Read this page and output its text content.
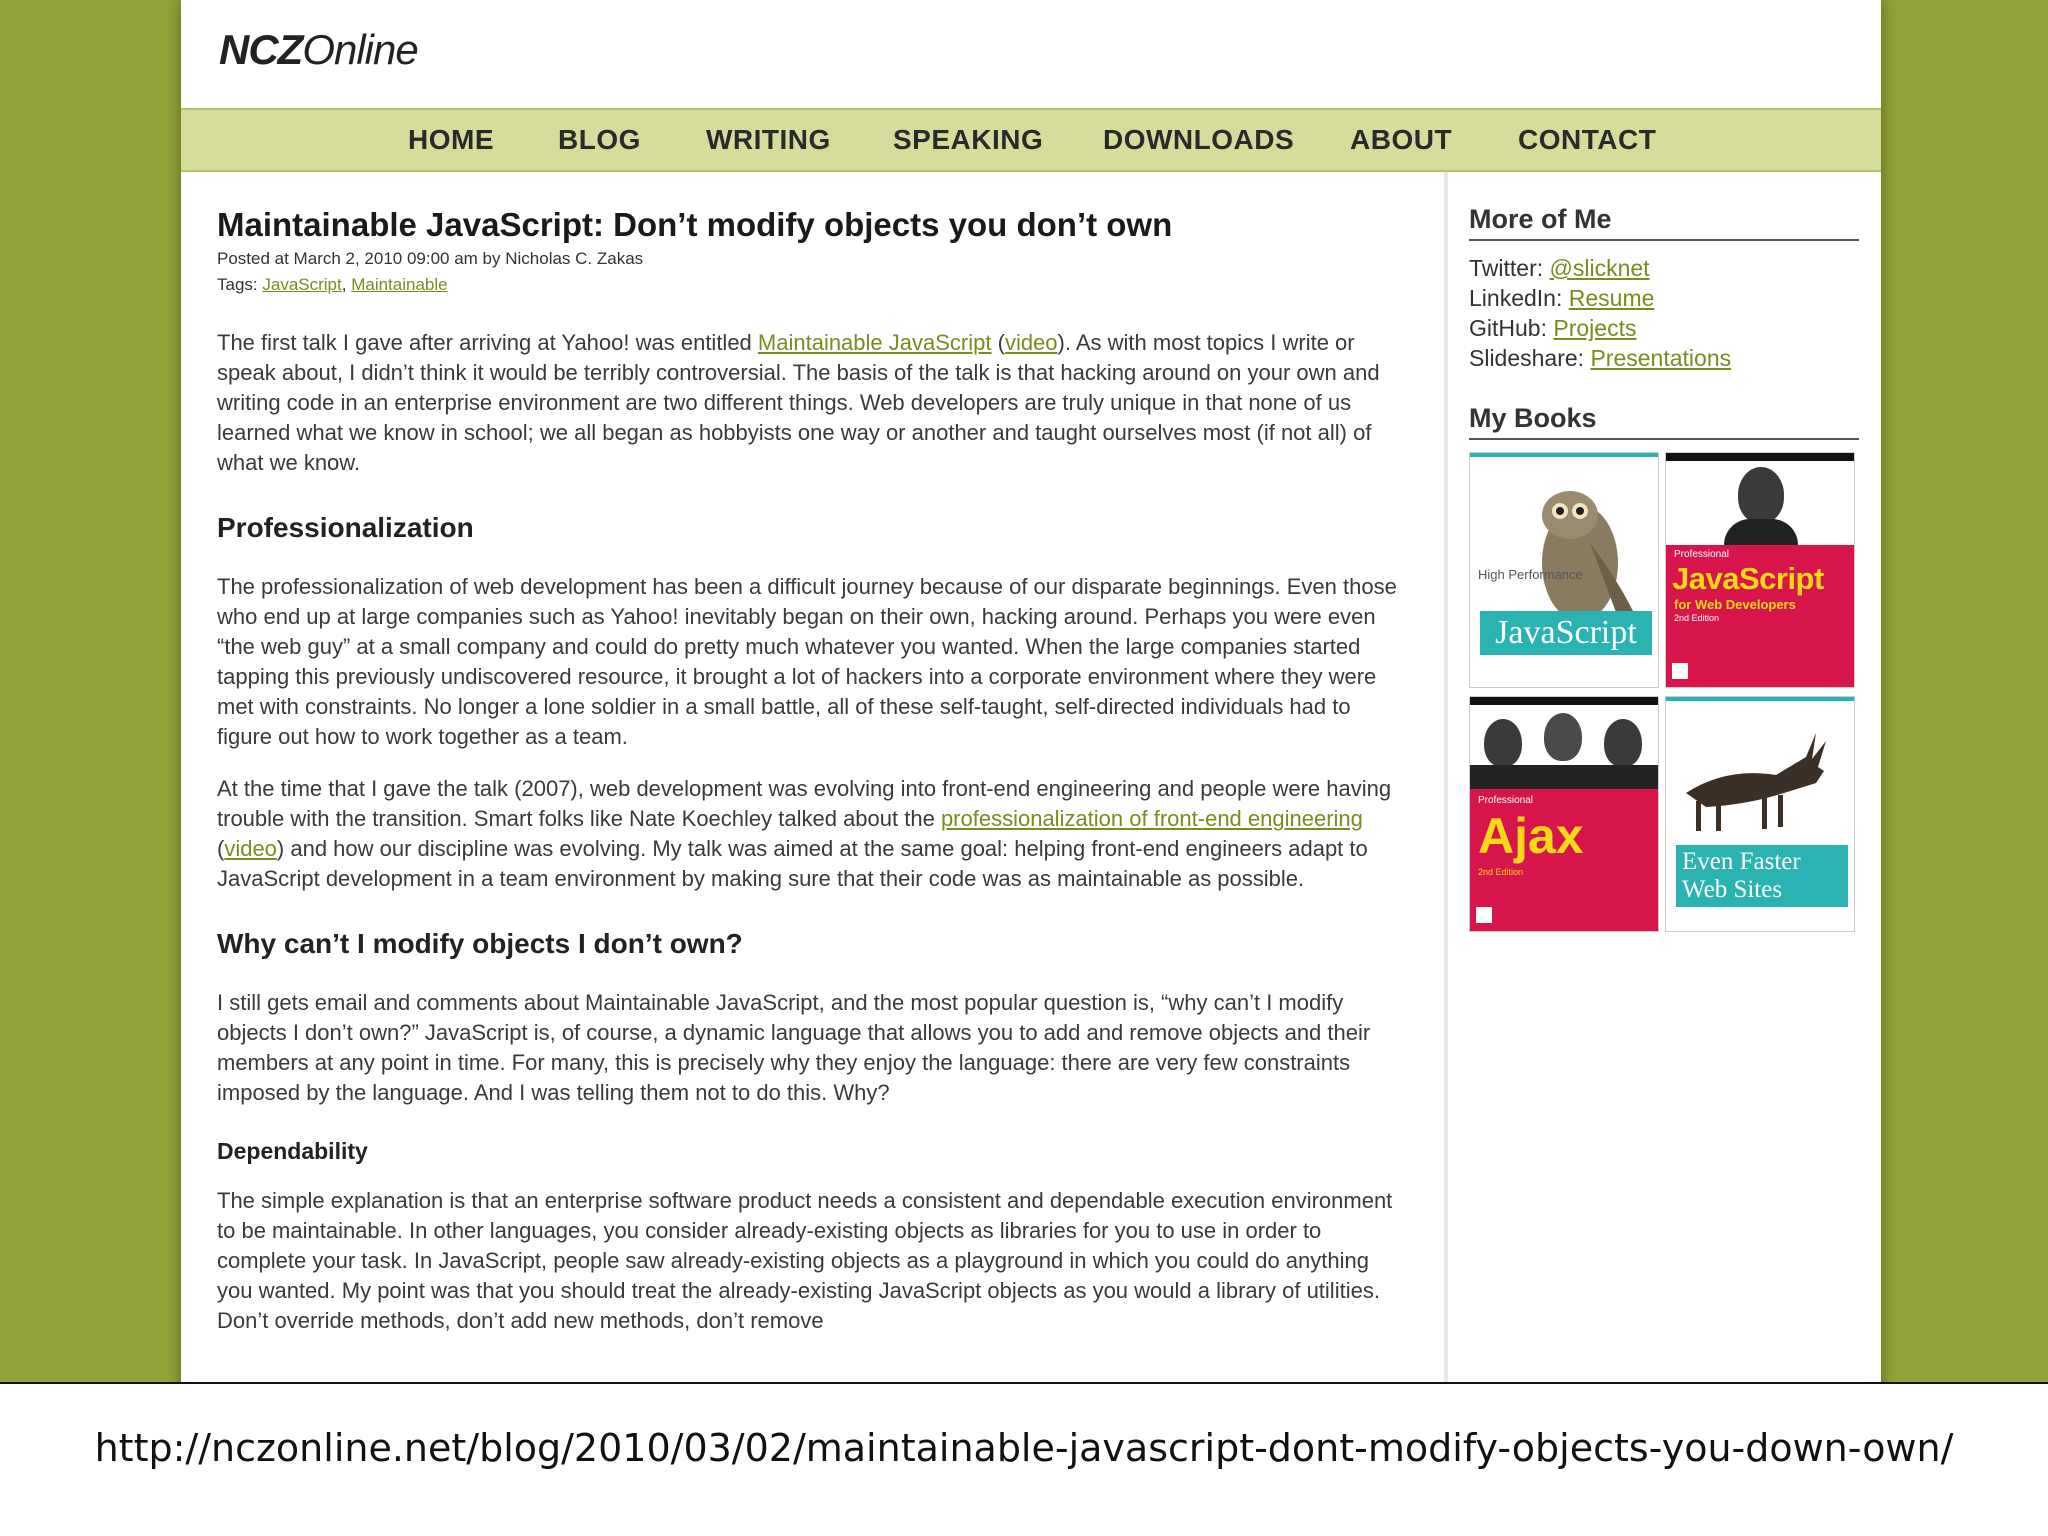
NCZOnline
HOME BLOG WRITING SPEAKING DOWNLOADS ABOUT CONTACT
Maintainable JavaScript: Don’t modify objects you don’t own
Posted at March 2, 2010 09:00 am by Nicholas C. Zakas
Tags: JavaScript, Maintainable

The first talk I gave after arriving at Yahoo! was entitled Maintainable JavaScript (video). As with most topics I write or speak about, I didn’t think it would be terribly controversial. The basis of the talk is that hacking around on your own and writing code in an enterprise environment are two different things. Web developers are truly unique in that none of us learned what we know in school; we all began as hobbyists one way or another and taught ourselves most (if not all) of what we know.

Professionalization

The professionalization of web development has been a difficult journey because of our disparate beginnings. Even those who end up at large companies such as Yahoo! inevitably began on their own, hacking around. Perhaps you were even “the web guy” at a small company and could do pretty much whatever you wanted. When the large companies started tapping this previously undiscovered resource, it brought a lot of hackers into a corporate environment where they were met with constraints. No longer a lone soldier in a small battle, all of these self-taught, self-directed individuals had to figure out how to work together as a team.

At the time that I gave the talk (2007), web development was evolving into front-end engineering and people were having trouble with the transition. Smart folks like Nate Koechley talked about the professionalization of front-end engineering (video) and how our discipline was evolving. My talk was aimed at the same goal: helping front-end engineers adapt to JavaScript development in a team environment by making sure that their code was as maintainable as possible.

Why can’t I modify objects I don’t own?

I still gets email and comments about Maintainable JavaScript, and the most popular question is, “why can’t I modify objects I don’t own?” JavaScript is, of course, a dynamic language that allows you to add and remove objects and their members at any point in time. For many, this is precisely why they enjoy the language: there are very few constraints imposed by the language. And I was telling them not to do this. Why?

Dependability

The simple explanation is that an enterprise software product needs a consistent and dependable execution environment to be maintainable. In other languages, you consider already-existing objects as libraries for you to use in order to complete your task. In JavaScript, people saw already-existing objects as a playground in which you could do anything you wanted. My point was that you should treat the already-existing JavaScript objects as you would a library of utilities. Don’t override methods, don’t add new methods, don’t remove

More of Me
Twitter: @slicknet
LinkedIn: Resume
GitHub: Projects
Slideshare: Presentations
My Books
High Performance
JavaScript
Professional
JavaScript
for Web Developers
2nd Edition
Professional
Ajax
2nd Edition	Even Faster
Web Sites
http://nczonline.net/blog/2010/03/02/maintainable-javascript-dont-modify-objects-you-down-own/
